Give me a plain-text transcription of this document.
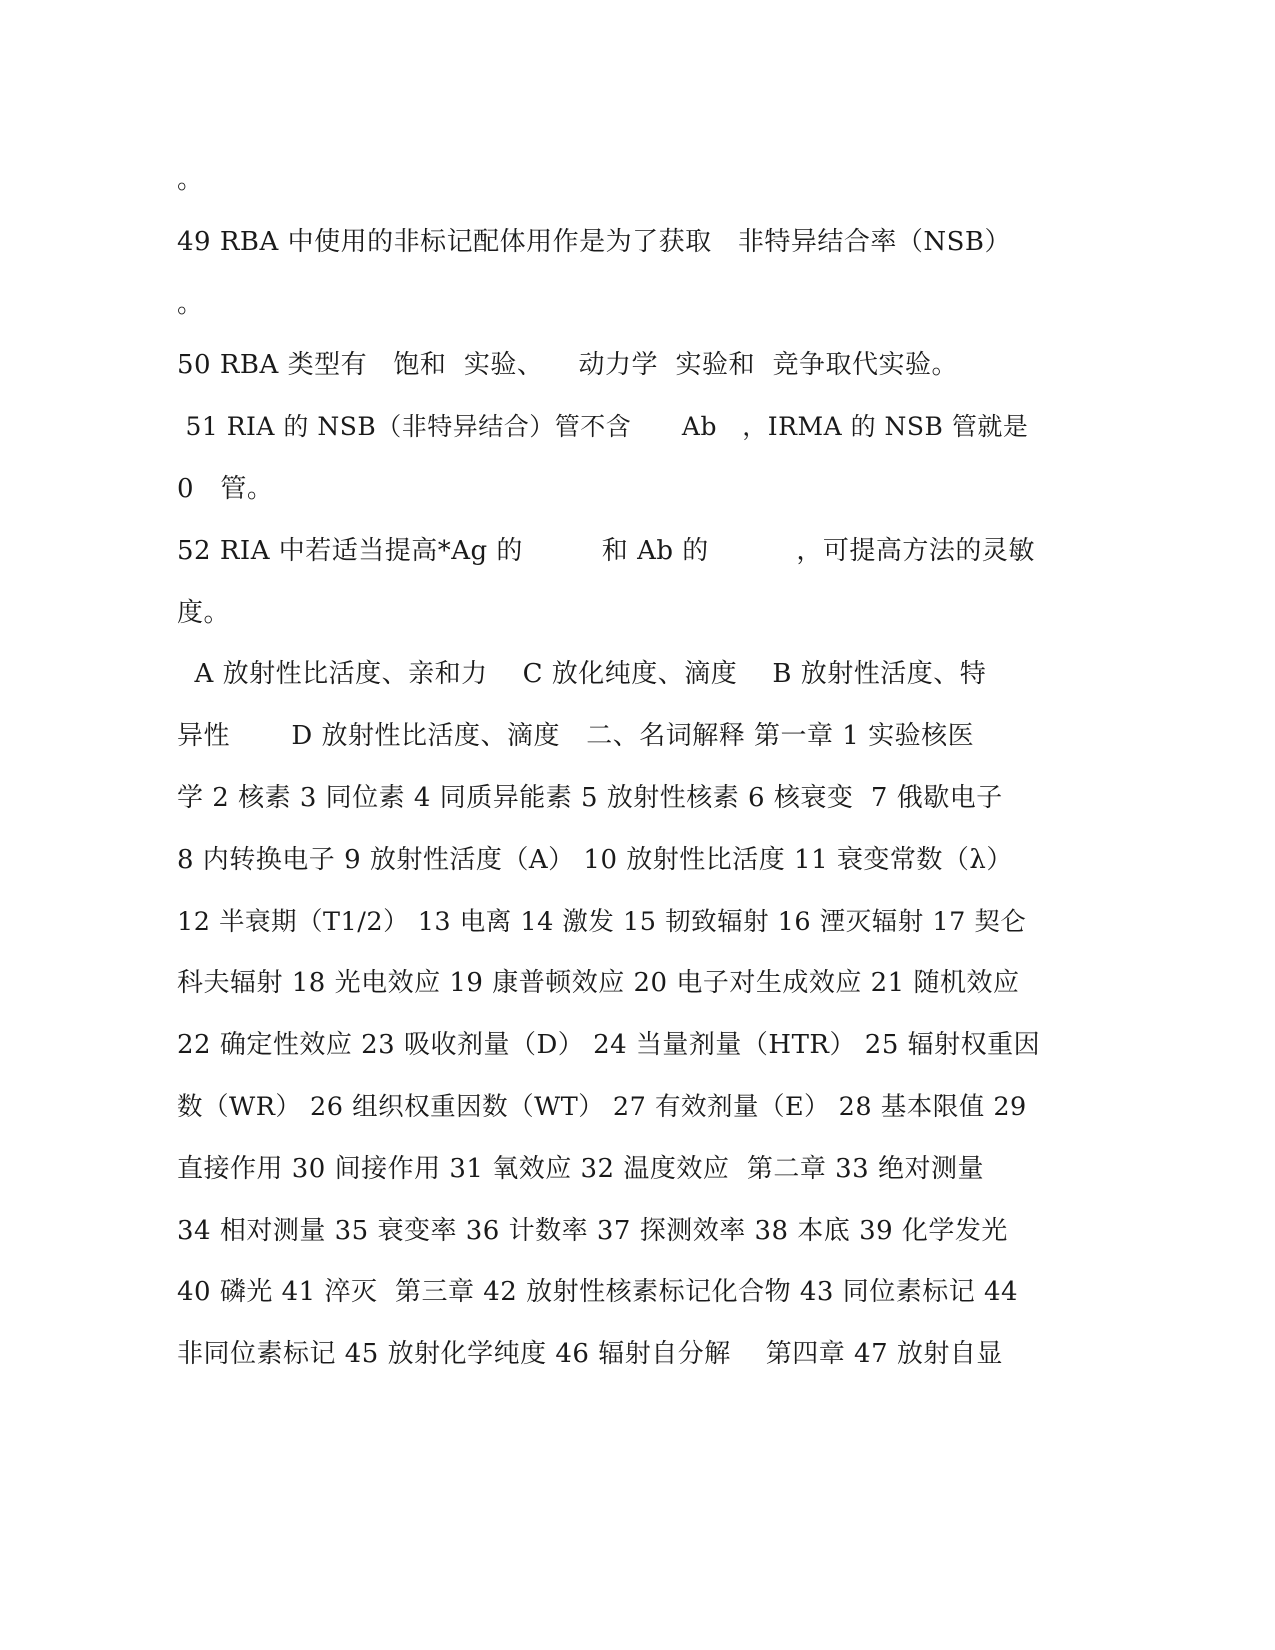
。
49 RBA 中使用的非标记配体用作是为了获取   非特异结合率（NSB）
。
50 RBA 类型有   饱和  实验、    动力学  实验和  竞争取代实验。
51 RIA 的 NSB（非特异结合）管不含      Ab   ，IRMA 的 NSB 管就是
0   管。
52 RIA 中若适当提高*Ag 的         和 Ab 的          ，可提高方法的灵敏
度。
A 放射性比活度、亲和力    C 放化纯度、滴度    B 放射性活度、特
异性       D 放射性比活度、滴度   二、名词解释 第一章 1 实验核医
学 2 核素 3 同位素 4 同质异能素 5 放射性核素 6 核衰变  7 俄歇电子
8 内转换电子 9 放射性活度（A） 10 放射性比活度 11 衰变常数（λ）
12 半衰期（T1/2） 13 电离 14 激发 15 韧致辐射 16 湮灭辐射 17 契仑
科夫辐射 18 光电效应 19 康普顿效应 20 电子对生成效应 21 随机效应
22 确定性效应 23 吸收剂量（D） 24 当量剂量（HTR） 25 辐射权重因
数（WR） 26 组织权重因数（WT） 27 有效剂量（E） 28 基本限值 29
直接作用 30 间接作用 31 氧效应 32 温度效应  第二章 33 绝对测量
34 相对测量 35 衰变率 36 计数率 37 探测效率 38 本底 39 化学发光
40 磷光 41 淬灭  第三章 42 放射性核素标记化合物 43 同位素标记 44
非同位素标记 45 放射化学纯度 46 辐射自分解    第四章 47 放射自显
